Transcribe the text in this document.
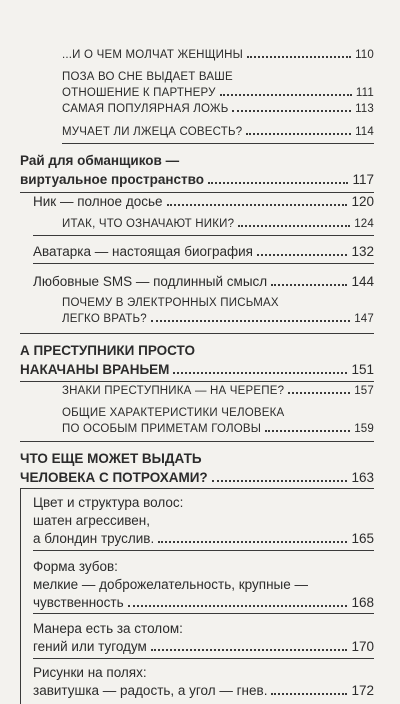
...И О ЧЕМ МОЛЧАТ ЖЕНЩИНЫ	110
ПОЗА ВО СНЕ ВЫДАЕТ ВАШЕ
ОТНОШЕНИЕ К ПАРТНЕРУ	111
САМАЯ ПОПУЛЯРНАЯ ЛОЖЬ	113
МУЧАЕТ ЛИ ЛЖЕЦА СОВЕСТЬ?	114
Рай для обманщиков —
виртуальное пространство	117
Ник — полное досье	120
ИТАК, ЧТО ОЗНАЧАЮТ НИКИ?	124
Аватарка — настоящая биография	132
Любовные SMS — подлинный смысл	144
ПОЧЕМУ В ЭЛЕКТРОННЫХ ПИСЬМАХ
ЛЕГКО ВРАТЬ?	147
А ПРЕСТУПНИКИ ПРОСТО
НАКАЧАНЫ ВРАНЬЕМ	151
ЗНАКИ ПРЕСТУПНИКА — НА ЧЕРЕПЕ?	157
ОБЩИЕ ХАРАКТЕРИСТИКИ ЧЕЛОВЕКА
ПО ОСОБЫМ ПРИМЕТАМ ГОЛОВЫ	159
ЧТО ЕЩЕ МОЖЕТ ВЫДАТЬ
ЧЕЛОВЕКА С ПОТРОХАМИ?	163
Цвет и структура волос:
шатен агрессивен,
а блондин труслив.	165
Форма зубов:
мелкие — доброжелательность, крупные —
чувственность	168
Манера есть за столом:
гений или тугодум	170
Рисунки на полях:
завитушка — радость, а угол — гнев.	172
